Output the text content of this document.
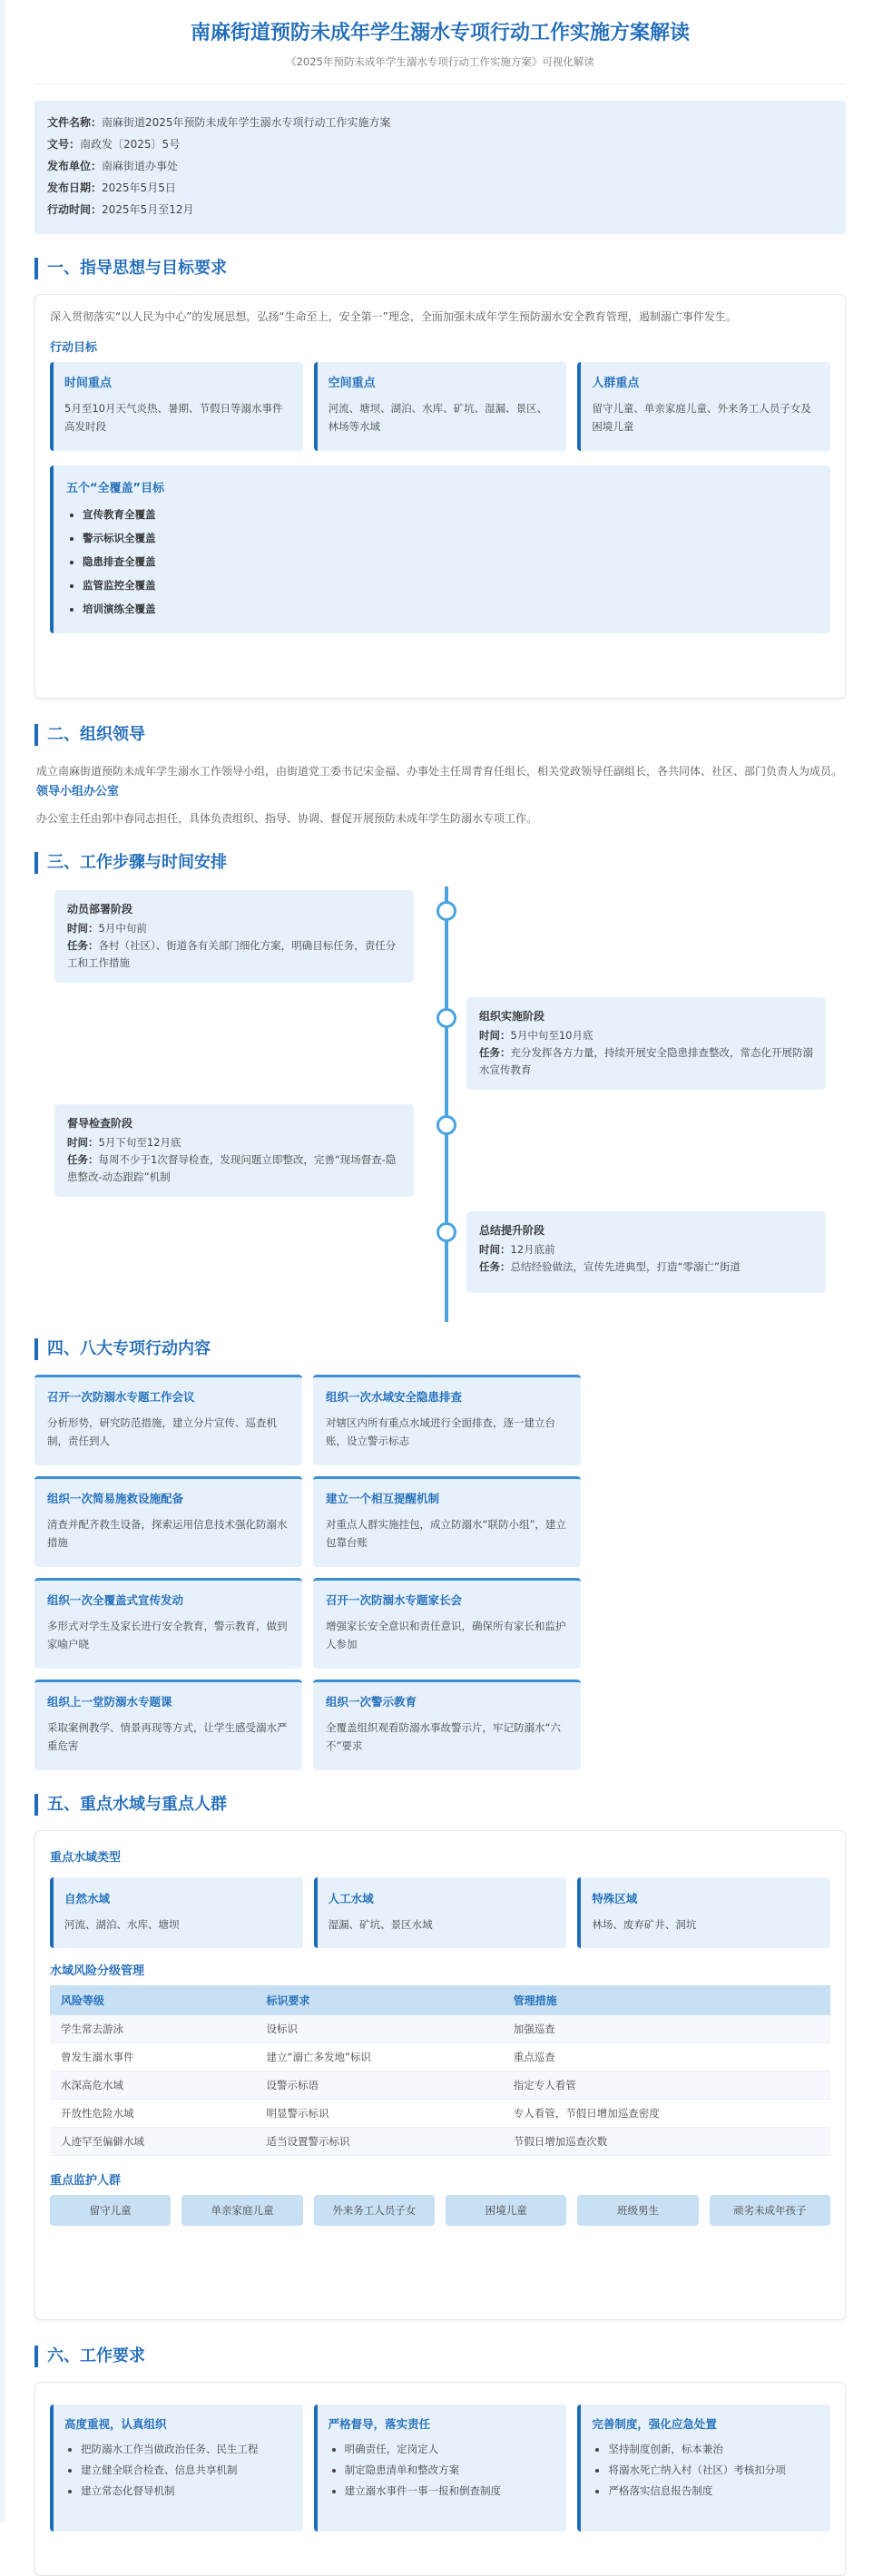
南麻街道预防未成年学生溺水专项行动工作实施方案解读

《2025年预防未成年学生溺水专项行动工作实施方案》可视化解读

文件名称：南麻街道2025年预防未成年学生溺水专项行动工作实施方案
文号：南政发〔2025〕5号
发布单位：南麻街道办事处
发布日期：2025年5月5日
行动时间：2025年5月至12月
一、指导思想与目标要求

深入贯彻落实“以人民为中心”的发展思想，弘扬“生命至上，安全第一”理念，全面加强未成年学生预防溺水安全教育管理，遏制溺亡事件发生。

行动目标
时间重点

5月至10月天气炎热、暑期、节假日等溺水事件高发时段

空间重点

河流、塘坝、湖泊、水库、矿坑、湿漏、景区、林场等水域

人群重点

留守儿童、单亲家庭儿童、外来务工人员子女及困境儿童

五个“全覆盖”目标
• 宣传教育全覆盖
• 警示标识全覆盖
• 隐患排查全覆盖
• 监管监控全覆盖
• 培训演练全覆盖
二、组织领导

成立南麻街道预防未成年学生溺水工作领导小组，由街道党工委书记宋金福、办事处主任周青育任组长，相关党政领导任副组长，各共同体、社区、部门负责人为成员。

领导小组办公室

办公室主任由郭中春同志担任，具体负责组织、指导、协调、督促开展预防未成年学生防溺水专项工作。

三、工作步骤与时间安排
动员部署阶段

时间：5月中旬前

任务：各村（社区）、街道各有关部门细化方案，明确目标任务，责任分工和工作措施

组织实施阶段

时间：5月中旬至10月底

任务：充分发挥各方力量，持续开展安全隐患排查整改，常态化开展防溺水宣传教育

督导检查阶段

时间：5月下旬至12月底

任务：每周不少于1次督导检查，发现问题立即整改，完善“现场督查-隐患整改-动态跟踪”机制

总结提升阶段

时间：12月底前

任务：总结经验做法，宣传先进典型，打造“零溺亡”街道

四、八大专项行动内容
召开一次防溺水专题工作会议

分析形势，研究防范措施，建立分片宣传、巡查机制，责任到人

组织一次水域安全隐患排查

对辖区内所有重点水域进行全面排查，逐一建立台账，设立警示标志

组织一次简易施救设施配备

清查并配齐救生设备，探索运用信息技术强化防溺水措施

建立一个相互提醒机制

对重点人群实施挂包，成立防溺水“联防小组”，建立包靠台账

组织一次全覆盖式宣传发动

多形式对学生及家长进行安全教育，警示教育，做到家喻户晓

召开一次防溺水专题家长会

增强家长安全意识和责任意识，确保所有家长和监护人参加

组织上一堂防溺水专题课

采取案例教学、情景再现等方式，让学生感受溺水严重危害

组织一次警示教育

全覆盖组织观看防溺水事故警示片，牢记防溺水“六不”要求

五、重点水域与重点人群
重点水域类型
自然水域

河流、湖泊、水库、塘坝

人工水域

湿漏、矿坑、景区水域

特殊区域

林场、废弃矿井、洞坑

水域风险分级管理
风险等级	标识要求	管理措施
学生常去游泳	设标识	加强巡查
曾发生溺水事件	建立“溺亡多发地”标识	重点巡查
水深高危水域	设警示标语	指定专人看管
开放性危险水域	明显警示标识	专人看管，节假日增加巡查密度
人迹罕至偏僻水域	适当设置警示标识	节假日增加巡查次数
重点监护人群
留守儿童	单亲家庭儿童	外来务工人员子女	困境儿童	班级男生	顽劣未成年孩子
六、工作要求
高度重视，认真组织
• 把防溺水工作当做政治任务、民生工程
• 建立健全联合检查、信息共享机制
• 建立常态化督导机制
严格督导，落实责任
• 明确责任，定岗定人
• 制定隐患清单和整改方案
• 建立溺水事件一事一报和倒查制度
完善制度，强化应急处置
• 坚持制度创新，标本兼治
• 将溺水死亡纳入村（社区）考核扣分项
• 严格落实信息报告制度
